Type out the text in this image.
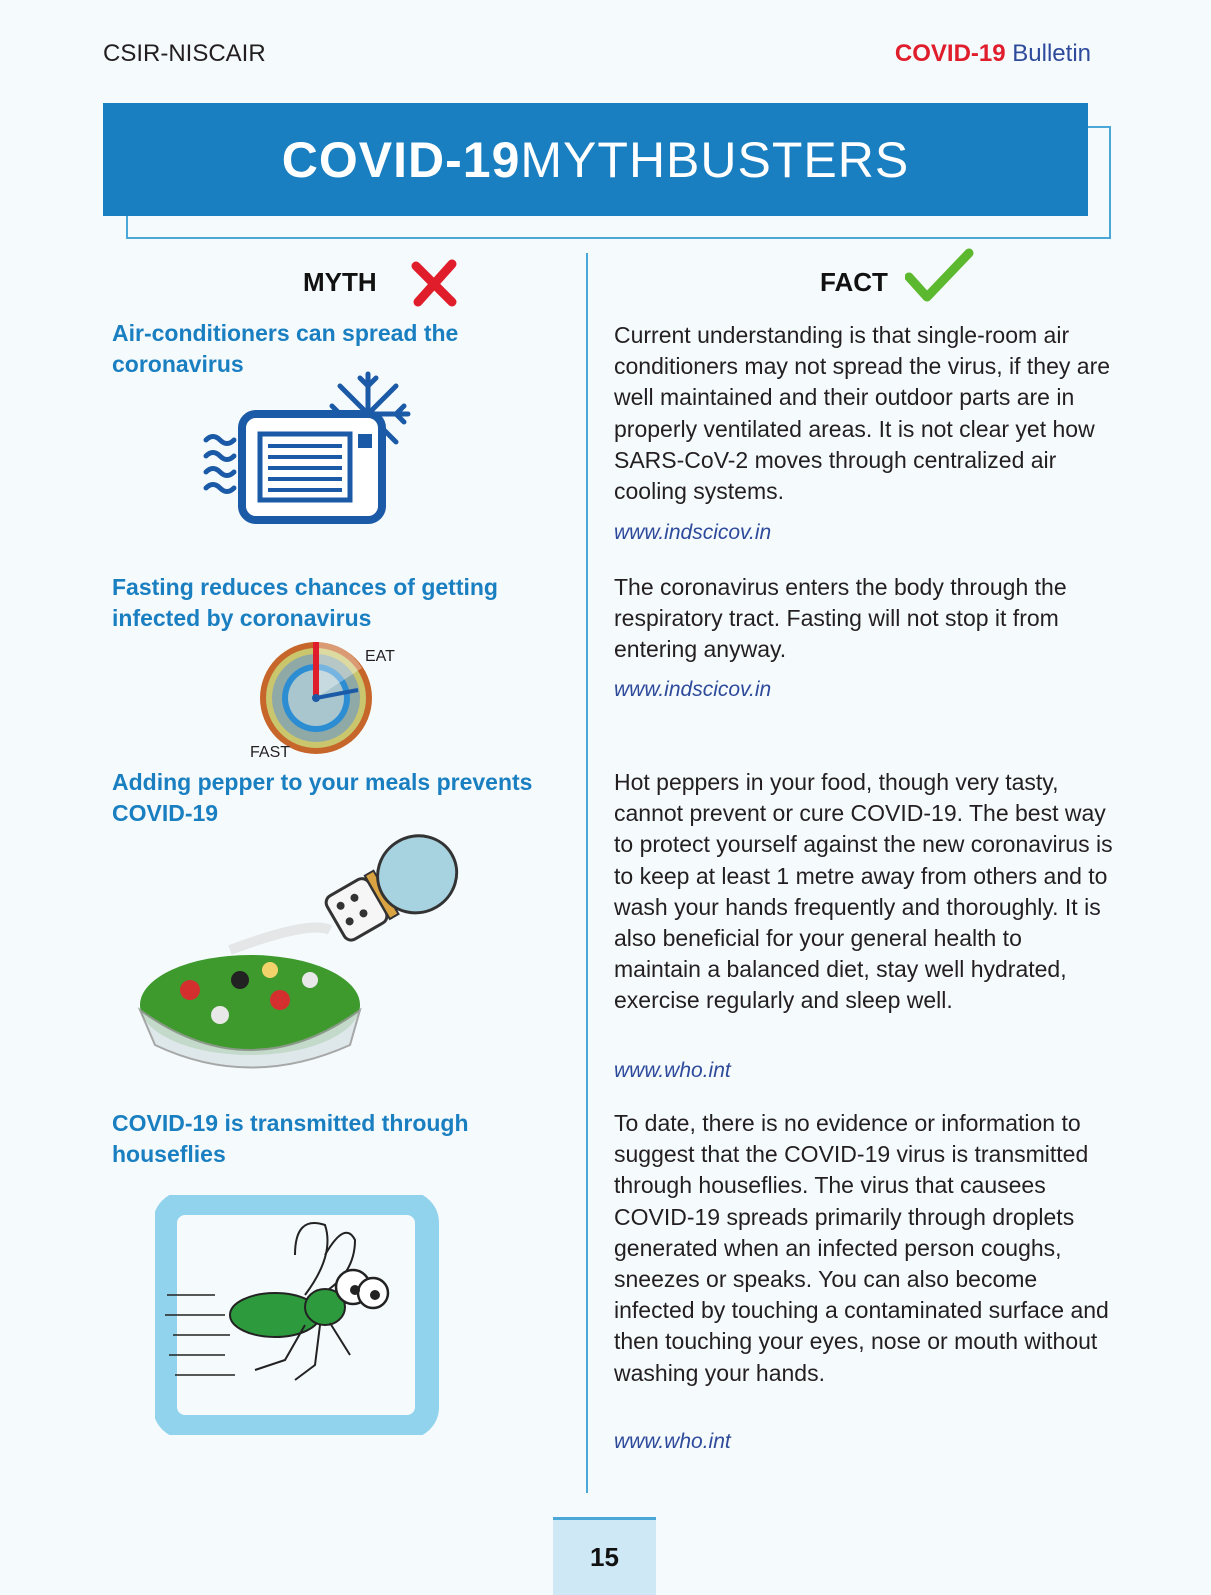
CSIR-NISCAIR	COVID-19 Bulletin
COVID-19 MYTHBUSTERS
MYTH	FACT
Air-conditioners can spread the coronavirus
Current understanding is that single-room air conditioners may not spread the virus, if they are well maintained and their outdoor parts are in properly ventilated areas. It is not clear yet how SARS-CoV-2 moves through centralized air cooling systems.
www.indscicov.in
Fasting reduces chances of getting infected by coronavirus
EAT
FAST
The coronavirus enters the body through the respiratory tract. Fasting will not stop it from entering anyway.
www.indscicov.in
Adding pepper to your meals prevents COVID-19
Hot peppers in your food, though very tasty, cannot prevent or cure COVID-19. The best way to protect yourself against the new coronavirus is to keep at least 1 metre away from others and to wash your hands frequently and thoroughly. It is also beneficial for your general health to maintain a balanced diet, stay well hydrated, exercise regularly and sleep well.
www.who.int
COVID-19 is transmitted through houseflies
To date, there is no evidence or information to suggest that the COVID-19 virus is transmitted through houseflies. The virus that causees COVID-19 spreads primarily through droplets generated when an infected person coughs, sneezes or speaks. You can also become infected by touching a contaminated surface and then touching your eyes, nose or mouth without washing your hands.
www.who.int
15
